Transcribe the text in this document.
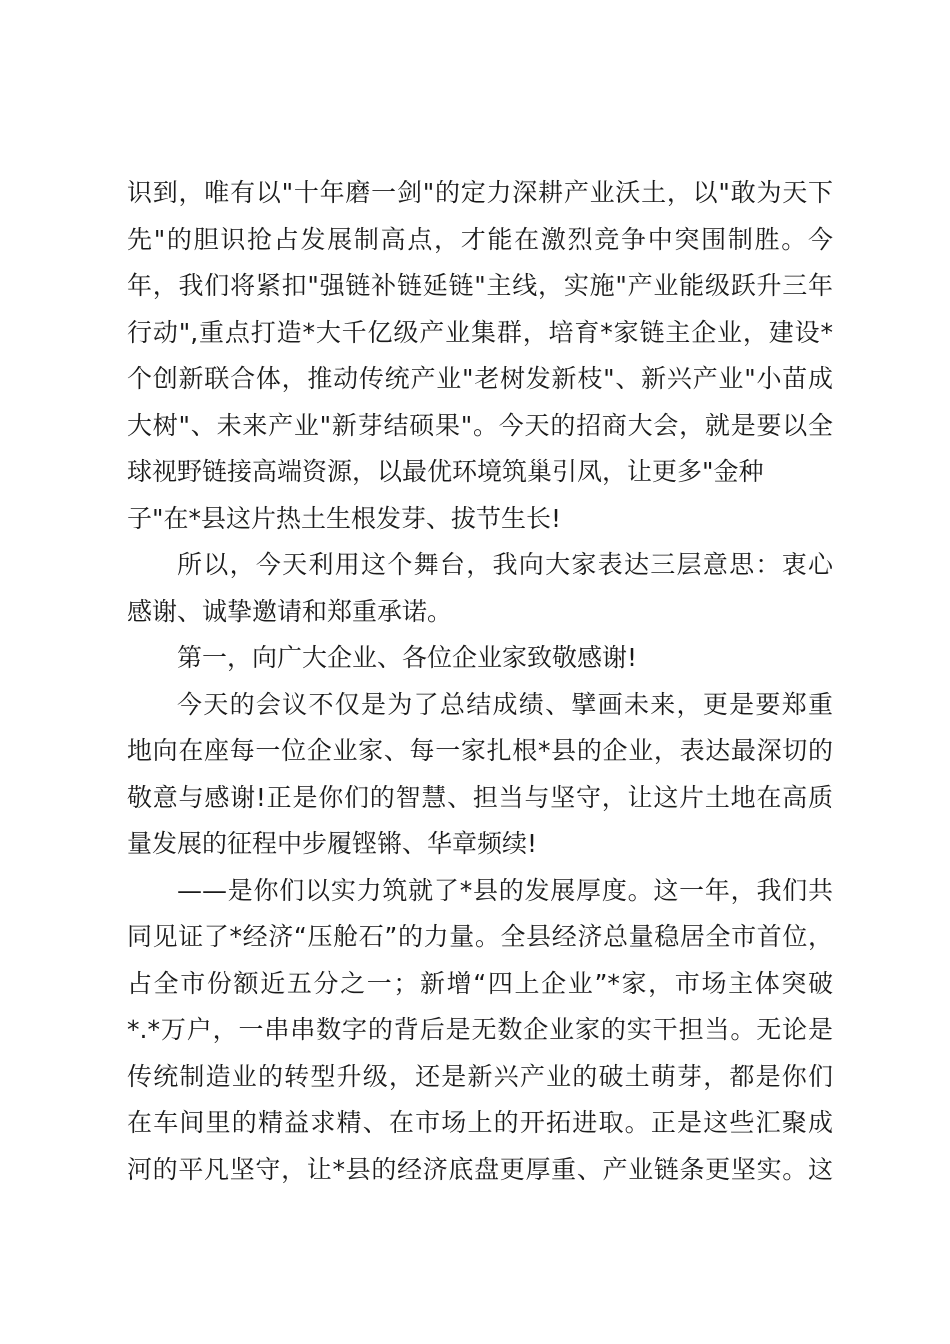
识到，唯有以"十年磨一剑"的定力深耕产业沃土，以"敢为天下
先"的胆识抢占发展制高点，才能在激烈竞争中突围制胜。今
年，我们将紧扣"强链补链延链"主线，实施"产业能级跃升三年
行动",重点打造*大千亿级产业集群，培育*家链主企业，建设*
个创新联合体，推动传统产业"老树发新枝"、新兴产业"小苗成
大树"、未来产业"新芽结硕果"。今天的招商大会，就是要以全
球视野链接高端资源，以最优环境筑巢引凤，让更多"金种
子"在*县这片热土生根发芽、拔节生长!
所以，今天利用这个舞台，我向大家表达三层意思：衷心
感谢、诚挚邀请和郑重承诺。
第一，向广大企业、各位企业家致敬感谢!
今天的会议不仅是为了总结成绩、擘画未来，更是要郑重
地向在座每一位企业家、每一家扎根*县的企业，表达最深切的
敬意与感谢!正是你们的智慧、担当与坚守，让这片土地在高质
量发展的征程中步履铿锵、华章频续!
——是你们以实力筑就了*县的发展厚度。这一年，我们共
同见证了*经济“压舱石”的力量。全县经济总量稳居全市首位，
占全市份额近五分之一；新增“四上企业”*家，市场主体突破
*.*万户，一串串数字的背后是无数企业家的实干担当。无论是
传统制造业的转型升级，还是新兴产业的破土萌芽，都是你们
在车间里的精益求精、在市场上的开拓进取。正是这些汇聚成
河的平凡坚守，让*县的经济底盘更厚重、产业链条更坚实。这
